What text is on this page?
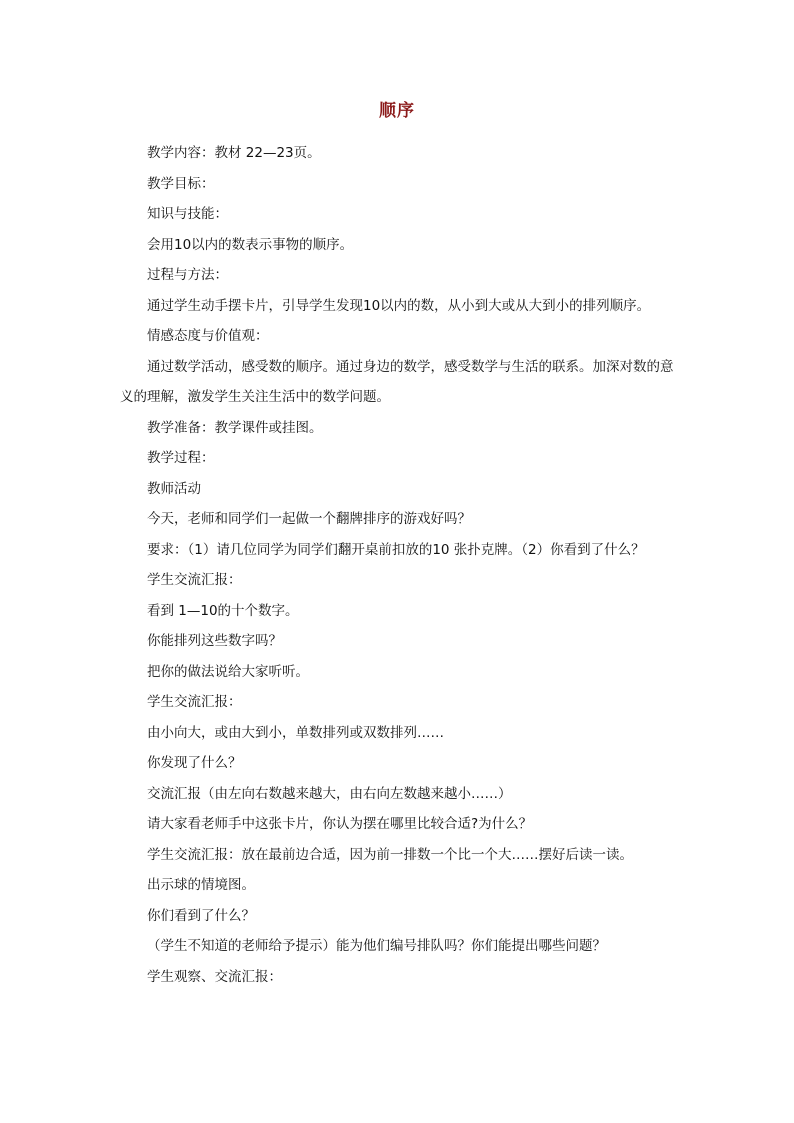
顺序

教学内容：教材 22—23页。

教学目标：

知识与技能：

会用10以内的数表示事物的顺序。

过程与方法：

通过学生动手摆卡片，引导学生发现10以内的数，从小到大或从大到小的排列顺序。

情感态度与价值观：

通过数学活动，感受数的顺序。通过身边的数学，感受数学与生活的联系。加深对数的意义的理解，激发学生关注生活中的数学问题。

教学准备：教学课件或挂图。

教学过程：

教师活动

今天，老师和同学们一起做一个翻牌排序的游戏好吗？

要求：（1）请几位同学为同学们翻开桌前扣放的10 张扑克牌。（2）你看到了什么？

学生交流汇报：

看到 1—10的十个数字。

你能排列这些数字吗？

把你的做法说给大家听听。

学生交流汇报：

由小向大，或由大到小，单数排列或双数排列……

你发现了什么？

交流汇报（由左向右数越来越大，由右向左数越来越小……）

请大家看老师手中这张卡片，你认为摆在哪里比较合适?为什么？

学生交流汇报：放在最前边合适，因为前一排数一个比一个大……摆好后读一读。

出示球的情境图。

你们看到了什么？

（学生不知道的老师给予提示）能为他们编号排队吗？你们能提出哪些问题？

学生观察、交流汇报：
